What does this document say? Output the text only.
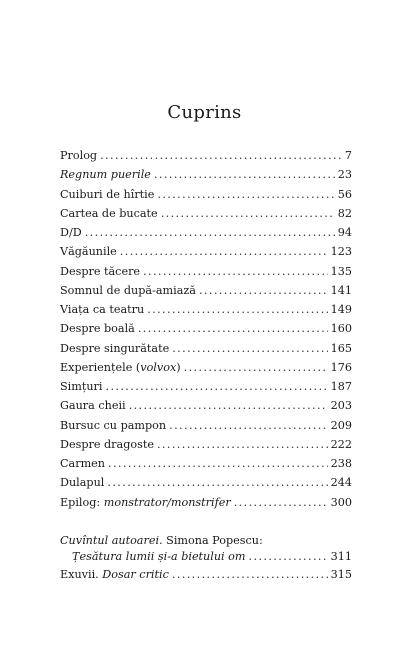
Cuprins
Prolog .....	7
Regnum puerile .....	23
Cuiburi de hîrtie .....	56
Cartea de bucate .....	82
D/D .....	94
Văgăunile .....	123
Despre tăcere .....	135
Somnul de după-amiază .....	141
Viața ca teatru .....	149
Despre boală .....	160
Despre singurătate .....	165
Experiențele (volvox) .....	176
Simțuri .....	187
Gaura cheii .....	203
Bursuc cu pampon .....	209
Despre dragoste .....	222
Carmen .....	238
Dulapul .....	244
Epilog: monstrator/monstrifer .....	300
Cuvîntul autoarei. Simona Popescu:
Țesătura lumii și-a bietului om .....	311
Exuvii. Dosar critic .....	315
